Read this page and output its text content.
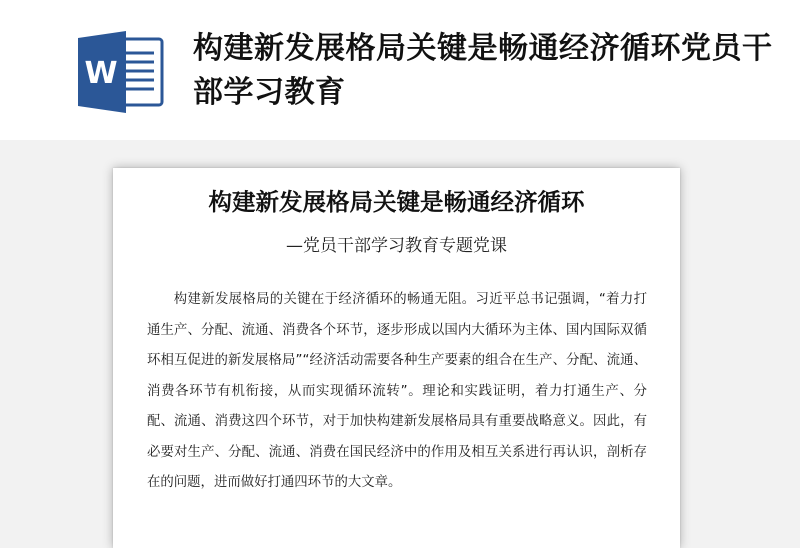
W
构建新发展格局关键是畅通经济循环党员干部学习教育
构建新发展格局关键是畅通经济循环
—党员干部学习教育专题党课

构建新发展格局的关键在于经济循环的畅通无阻。习近平总书记强调，“着力打通生产、分配、流通、消费各个环节，逐步形成以国内大循环为主体、国内国际双循环相互促进的新发展格局”“经济活动需要各种生产要素的组合在生产、分配、流通、消费各环节有机衔接，从而实现循环流转”。理论和实践证明，着力打通生产、分配、流通、消费这四个环节，对于加快构建新发展格局具有重要战略意义。因此，有必要对生产、分配、流通、消费在国民经济中的作用及相互关系进行再认识，剖析存在的问题，进而做好打通四环节的大文章。
